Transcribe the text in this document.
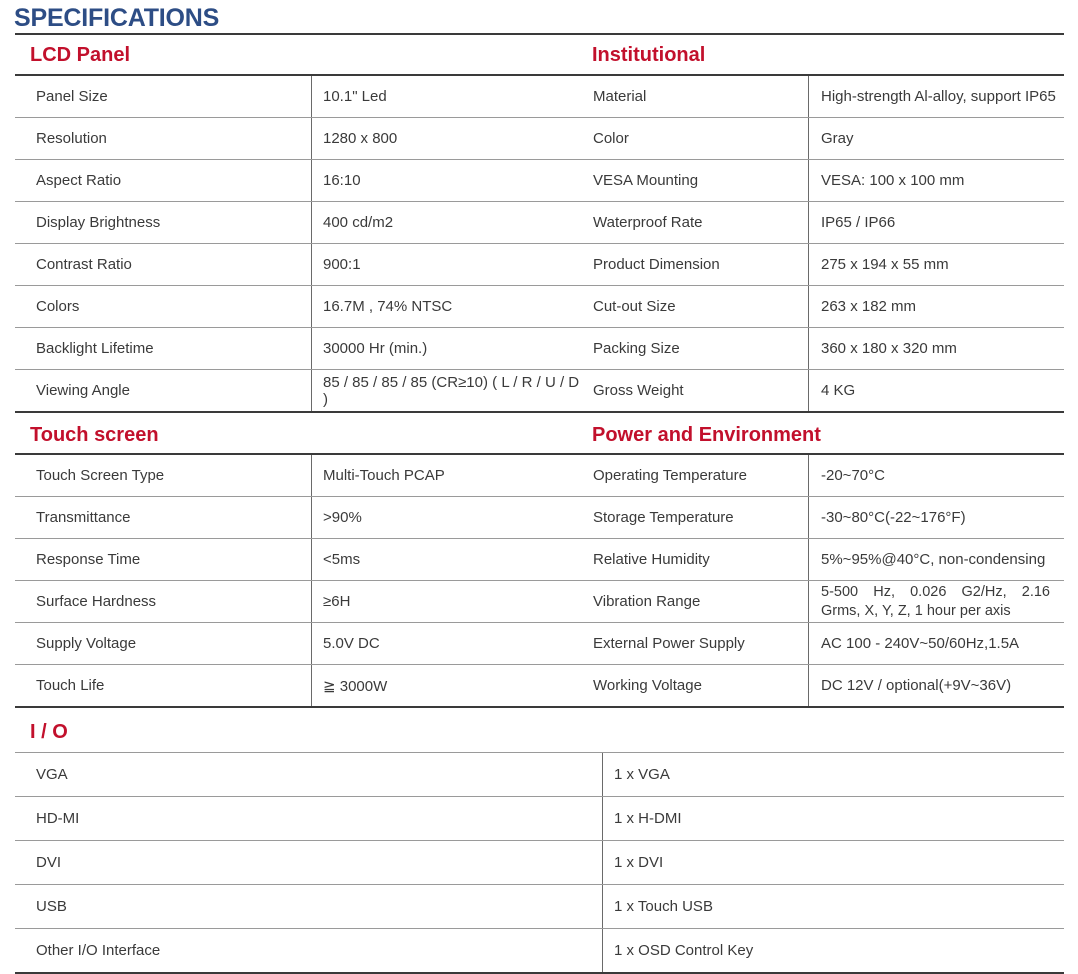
SPECIFICATIONS
LCD Panel
Panel Size	10.1" Led
Resolution	1280 x 800
Aspect Ratio	16:10
Display Brightness	400 cd/m2
Contrast Ratio	900:1
Colors	16.7M , 74% NTSC
Backlight Lifetime	30000 Hr (min.)
Viewing Angle	85 / 85 / 85 / 85 (CR≥10) ( L / R / U / D )
Touch screen
Touch Screen Type	Multi-Touch PCAP
Transmittance	>90%
Response Time	<5ms
Surface Hardness	≥6H
Supply Voltage	5.0V DC
Touch Life	≧ 3000W
Institutional
Material	High-strength Al-alloy, support IP65
Color	Gray
VESA Mounting	VESA: 100 x 100 mm
Waterproof Rate	IP65 / IP66
Product Dimension	275 x 194 x 55 mm
Cut-out Size	263 x 182 mm
Packing Size	360 x 180 x 320 mm
Gross Weight	4 KG
Power and Environment
Operating Temperature	-20~70°C
Storage Temperature	-30~80°C(-22~176°F)
Relative Humidity	5%~95%@40°C, non-condensing
Vibration Range	5-500 Hz, 0.026 G2/Hz, 2.16
Grms, X, Y, Z, 1 hour per axis

External Power Supply	AC 100 - 240V~50/60Hz,1.5A
Working Voltage	DC 12V / optional(+9V~36V)
I / O
VGA	1 x VGA
HD-MI	1 x H-DMI
DVI	1 x DVI
USB	1 x Touch USB
Other I/O Interface	1 x OSD Control Key
